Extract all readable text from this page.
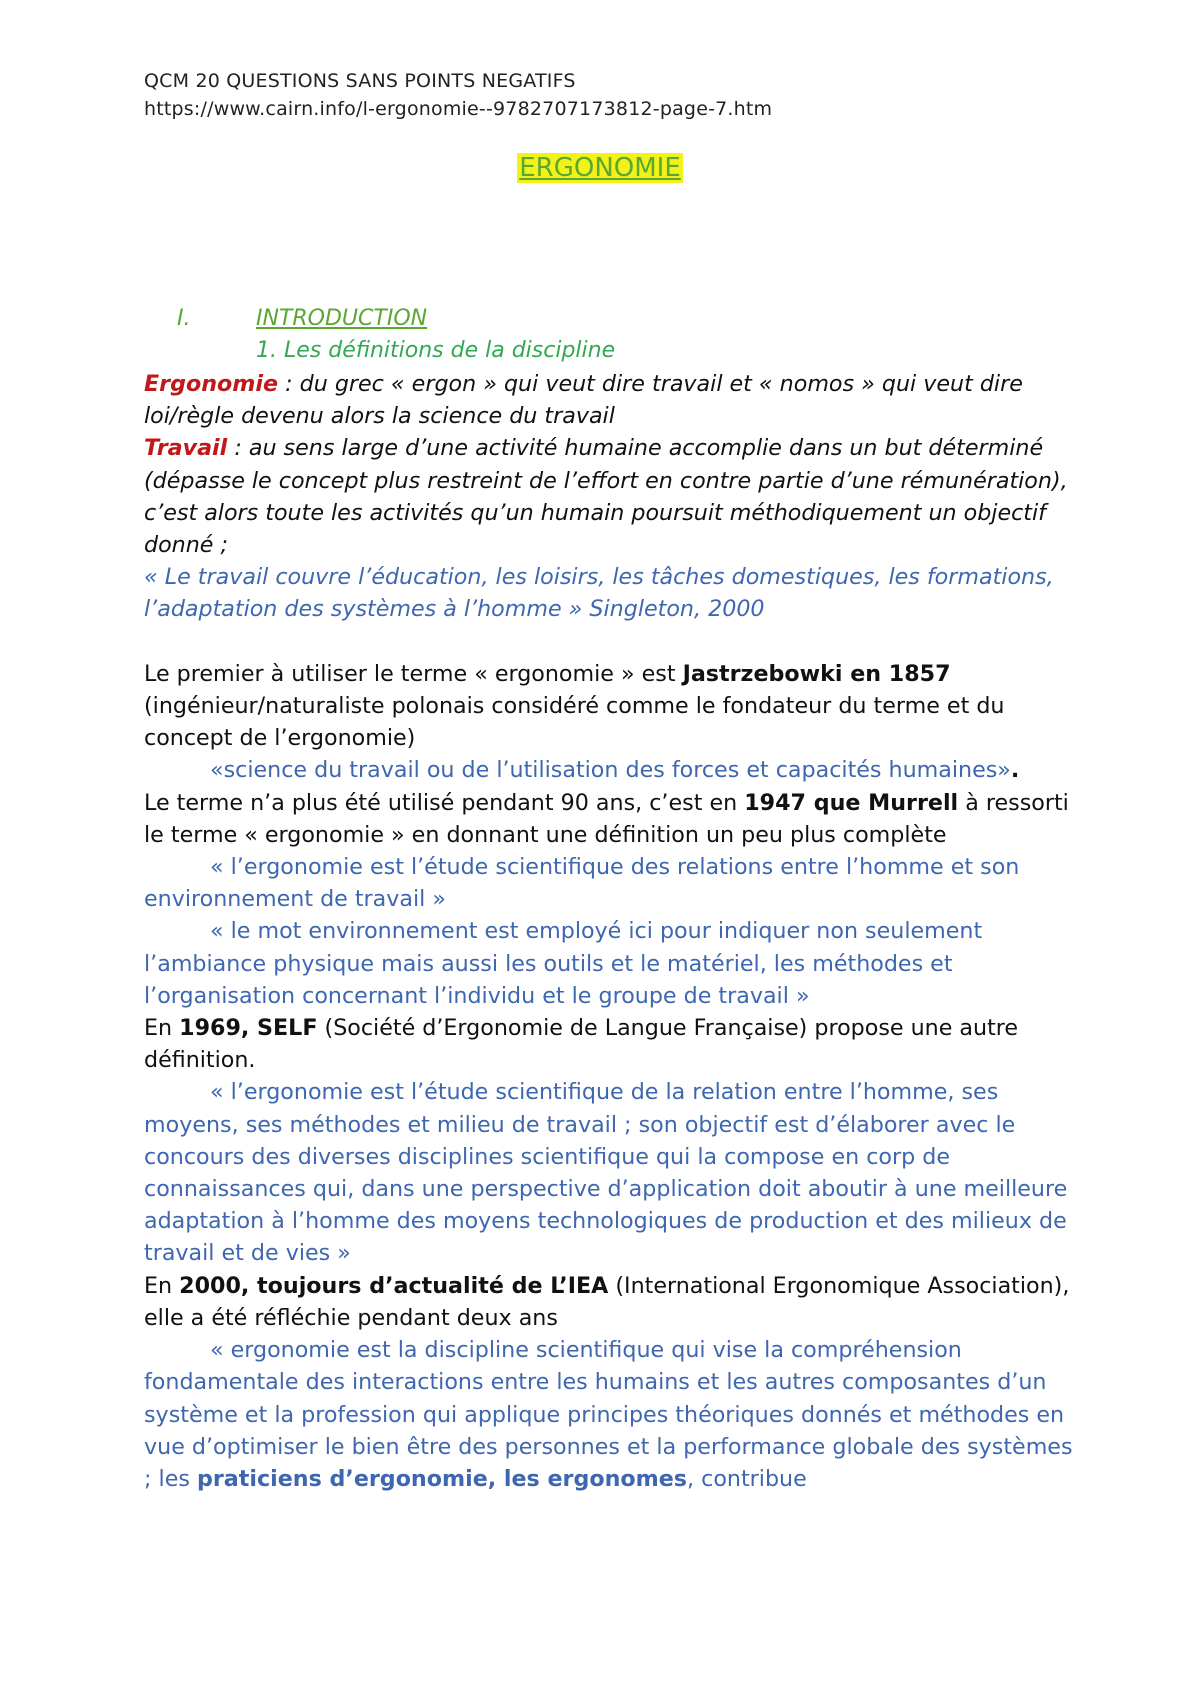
QCM 20 QUESTIONS SANS POINTS NEGATIFS
https://www.cairn.info/l-ergonomie--9782707173812-page-7.htm
ERGONOMIE
I.	INTRODUCTION
1. Les définitions de la discipline

Ergonomie : du grec « ergon » qui veut dire travail et « nomos » qui veut dire loi/règle devenu alors la science du travail

Travail : au sens large d’une activité humaine accomplie dans un but déterminé (dépasse le concept plus restreint de l’effort en contre partie d’une rémunération), c’est alors toute les activités qu’un humain poursuit méthodiquement un objectif donné ;

« Le travail couvre l’éducation, les loisirs, les tâches domestiques, les formations, l’adaptation des systèmes à l’homme » Singleton, 2000

Le premier à utiliser le terme « ergonomie » est Jastrzebowki en 1857 (ingénieur/naturaliste polonais considéré comme le fondateur du terme et du concept de l’ergonomie)

«science du travail ou de l’utilisation des forces et capacités humaines».

Le terme n’a plus été utilisé pendant 90 ans, c’est en 1947 que Murrell à ressorti le terme « ergonomie » en donnant une définition un peu plus complète

« l’ergonomie est l’étude scientifique des relations entre l’homme et son environnement de travail »

« le mot environnement est employé ici pour indiquer non seulement l’ambiance physique mais aussi les outils et le matériel, les méthodes et l’organisation concernant l’individu et le groupe de travail »

En 1969, SELF (Société d’Ergonomie de Langue Française) propose une autre définition.

« l’ergonomie est l’étude scientifique de la relation entre l’homme, ses moyens, ses méthodes et milieu de travail ; son objectif est d’élaborer avec le concours des diverses disciplines scientifique qui la compose en corp de connaissances qui, dans une perspective d’application doit aboutir à une meilleure adaptation à l’homme des moyens technologiques de production et des milieux de travail et de vies »

En 2000, toujours d’actualité de L’IEA (International Ergonomique Association), elle a été réfléchie pendant deux ans

« ergonomie est la discipline scientifique qui vise la compréhension fondamentale des interactions entre les humains et les autres composantes d’un système et la profession qui applique principes théoriques donnés et méthodes en vue d’optimiser le bien être des personnes et la performance globale des systèmes ; les praticiens d’ergonomie, les ergonomes, contribue
